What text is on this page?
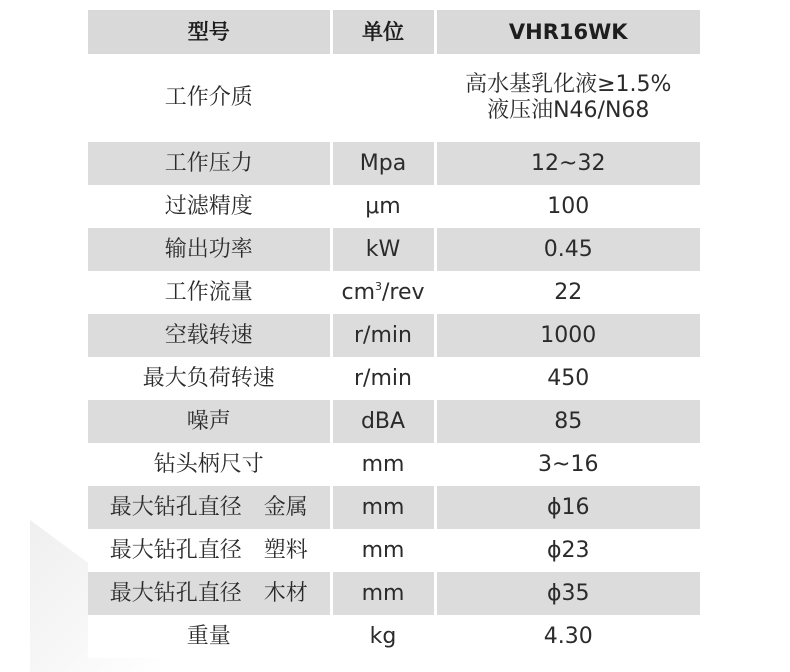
型号	单位	VHR16WK
工作介质		高水基乳化液≥1.5%
液压油N46/N68

工作压力	Mpa	12~32
过滤精度	μm	100
输出功率	kW	0.45
工作流量	$cm^3$/rev	22
空载转速	r/min	1000
最大负荷转速	r/min	450
噪声	dBA	85
钻头柄尺寸	mm	3~16
最大钻孔直径 金属	mm	ϕ16
最大钻孔直径 塑料	mm	ϕ23
最大钻孔直径 木材	mm	ϕ35
重量	kg	4.30
